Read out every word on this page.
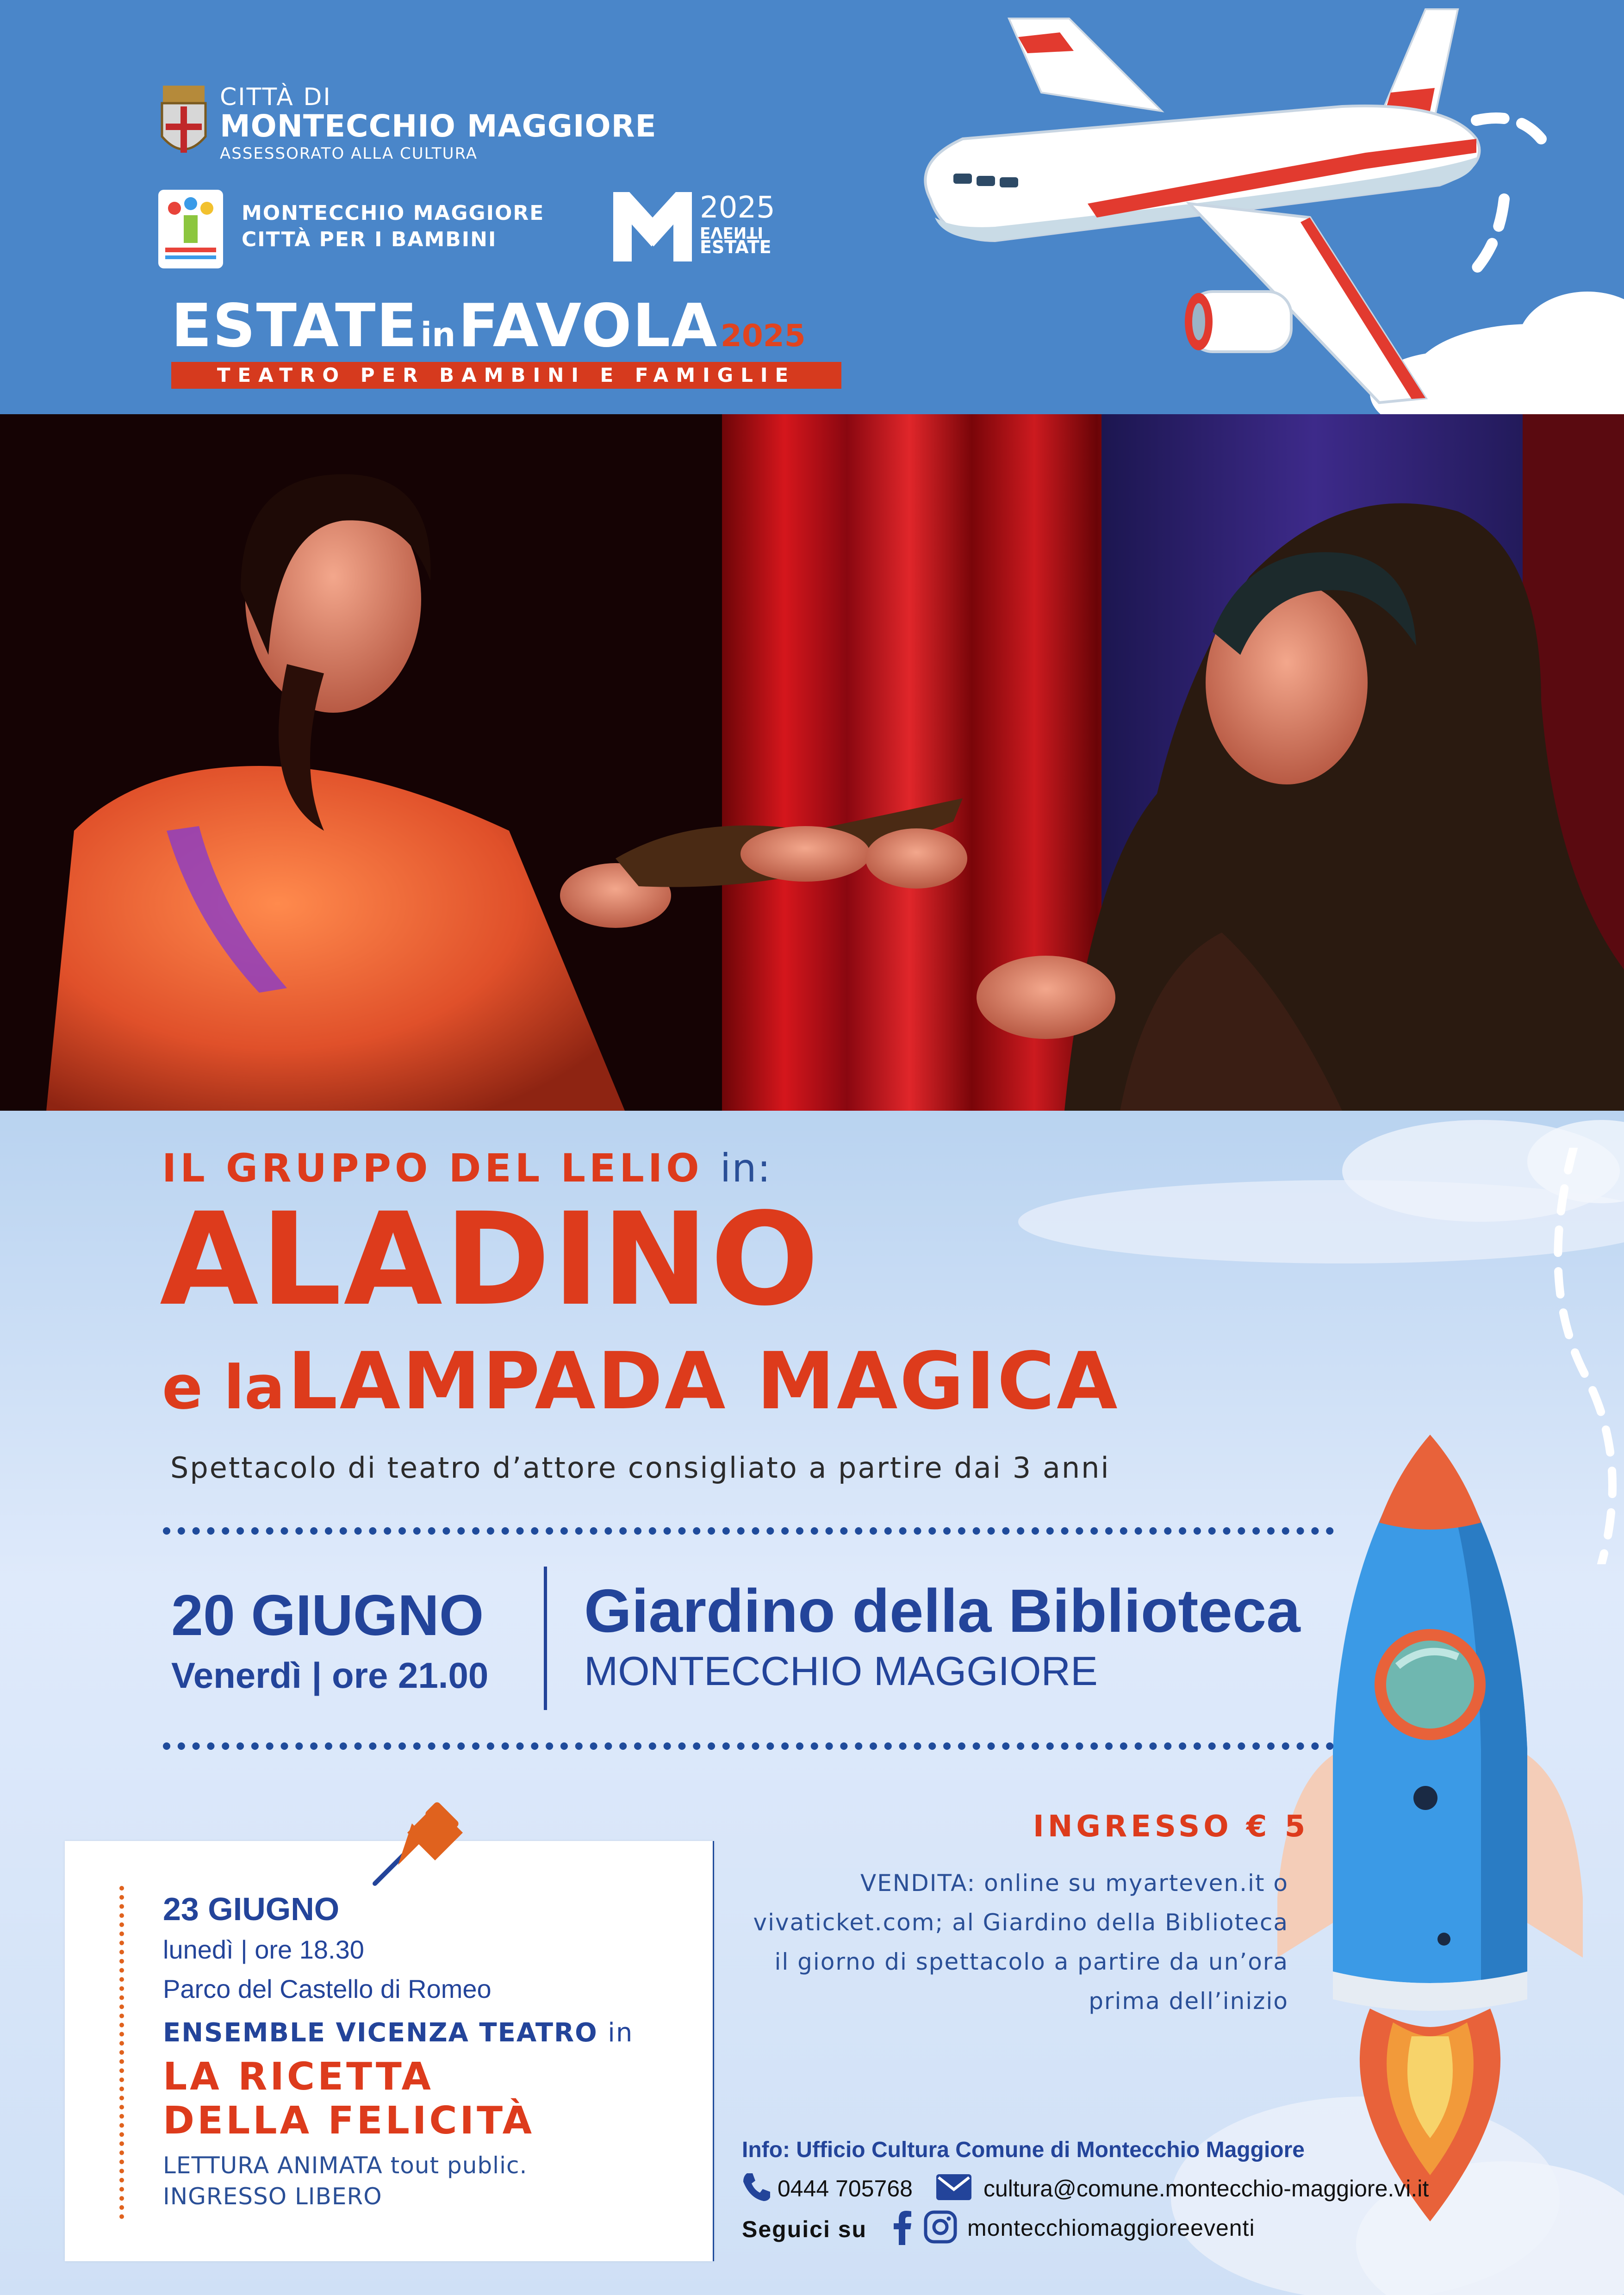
CITTÀ DI
MONTECCHIO MAGGIORE
ASSESSORATO ALLA CULTURA
MONTECCHIO MAGGIORE
CITTÀ PER I BAMBINI
2025
EVENTI
ESTATE
ESTATE in FAVOLA 2025
TEATRO PER BAMBINI E FAMIGLIE
IL GRUPPO DEL LELIO in:
ALADINO
e la LAMPADA MAGICA
Spettacolo di teatro d’attore consigliato a partire dai 3 anni
20 GIUGNO
Venerdì | ore 21.00
Giardino della Biblioteca
MONTECCHIO MAGGIORE
INGRESSO € 5
VENDITA: online su myarteven.it o
vivaticket.com; al Giardino della Biblioteca
il giorno di spettacolo a partire da un’ora
prima dell’inizio
23 GIUGNO
lunedì | ore 18.30
Parco del Castello di Romeo
ENSEMBLE VICENZA TEATRO in
LA RICETTA
DELLA FELICITÀ
LETTURA ANIMATA tout public.
INGRESSO LIBERO
Info: Ufficio Cultura Comune di Montecchio Maggiore
0444 705768	cultura@comune.montecchio-maggiore.vi.it
Seguici su	montecchiomaggioreeventi
